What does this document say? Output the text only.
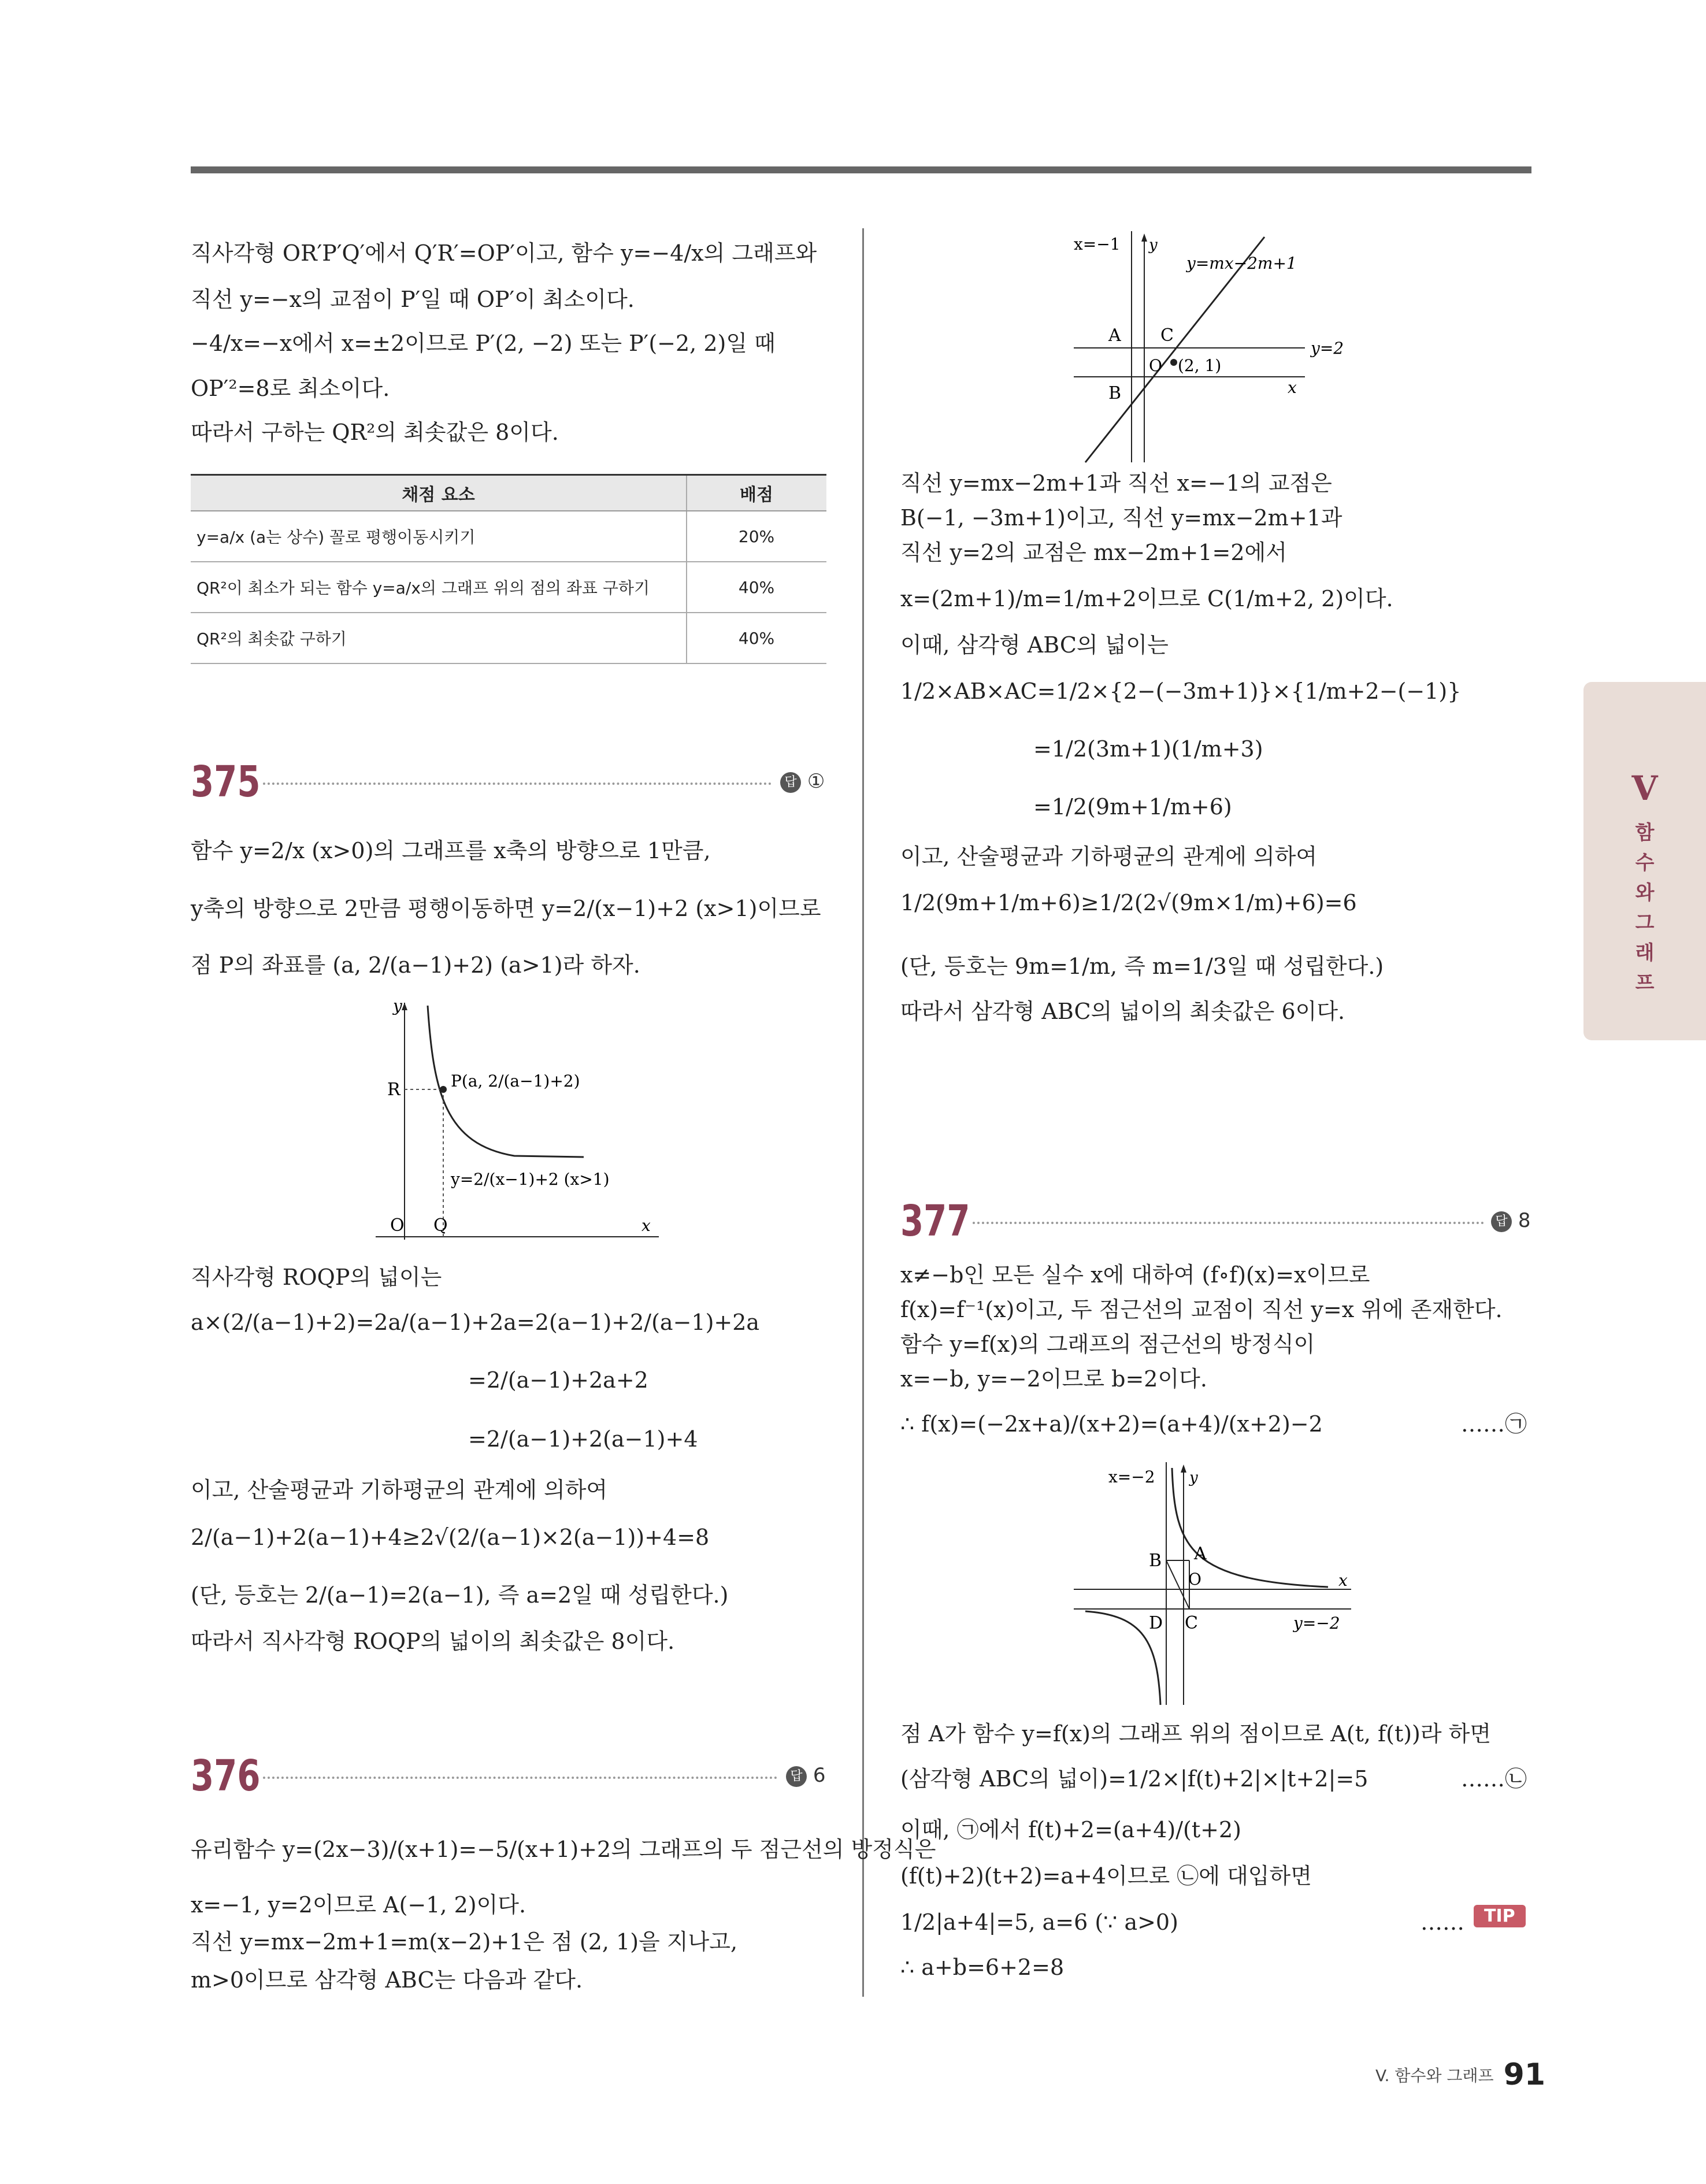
직사각형 OR′P′Q′에서 Q′R′=OP′이고, 함수 y=−4/x의 그래프와

직선 y=−x의 교점이 P′일 때 OP′이 최소이다.

−4/x=−x에서 x=±2이므로 P′(2, −2) 또는 P′(−2, 2)일 때

OP′²=8로 최소이다.

따라서 구하는 QR²의 최솟값은 8이다.

채점 요소	배점
y=a/x (a는 상수) 꼴로 평행이동시키기	20%
QR²이 최소가 되는 함수 y=a/x의 그래프 위의 점의 좌표 구하기	40%
QR²의 최솟값 구하기	40%
375	답 ①

함수 y=2/x (x>0)의 그래프를 x축의 방향으로 1만큼,

y축의 방향으로 2만큼 평행이동하면 y=2/(x−1)+2 (x>1)이므로

점 P의 좌표를 (a, 2/(a−1)+2) (a>1)라 하자.

y
x
R
O Q
P(a, 2/(a−1)+2)
y=2/(x−1)+2 (x>1)

직사각형 ROQP의 넓이는

a×(2/(a−1)+2)=2a/(a−1)+2a=2(a−1)+2/(a−1)+2a

=2/(a−1)+2a+2

=2/(a−1)+2(a−1)+4

이고, 산술평균과 기하평균의 관계에 의하여

2/(a−1)+2(a−1)+4≥2√(2/(a−1)×2(a−1))+4=8

(단, 등호는 2/(a−1)=2(a−1), 즉 a=2일 때 성립한다.)

따라서 직사각형 ROQP의 넓이의 최솟값은 8이다.

376	답 6

유리함수 y=(2x−3)/(x+1)=−5/(x+1)+2의 그래프의 두 점근선의 방정식은

x=−1, y=2이므로 A(−1, 2)이다.

직선 y=mx−2m+1=m(x−2)+1은 점 (2, 1)을 지나고,

m>0이므로 삼각형 ABC는 다음과 같다.

x=−1 y
y=mx−2m+1
A C
y=2
O (2, 1)
B	x

직선 y=mx−2m+1과 직선 x=−1의 교점은

B(−1, −3m+1)이고, 직선 y=mx−2m+1과

직선 y=2의 교점은 mx−2m+1=2에서

x=(2m+1)/m=1/m+2이므로 C(1/m+2, 2)이다.

이때, 삼각형 ABC의 넓이는

1/2×AB×AC=1/2×{2−(−3m+1)}×{1/m+2−(−1)}

=1/2(3m+1)(1/m+3)

=1/2(9m+1/m+6)

이고, 산술평균과 기하평균의 관계에 의하여

1/2(9m+1/m+6)≥1/2(2√(9m×1/m)+6)=6

(단, 등호는 9m=1/m, 즉 m=1/3일 때 성립한다.)

따라서 삼각형 ABC의 넓이의 최솟값은 6이다.

377	답 8

x≠−b인 모든 실수 x에 대하여 (f∘f)(x)=x이므로

f(x)=f⁻¹(x)이고, 두 점근선의 교점이 직선 y=x 위에 존재한다.

함수 y=f(x)의 그래프의 점근선의 방정식이

x=−b, y=−2이므로 b=2이다.

∴ f(x)=(−2x+a)/(x+2)=(a+4)/(x+2)−2	……㉠

x=−2 y
B A
O	x
D C	y=−2

점 A가 함수 y=f(x)의 그래프 위의 점이므로 A(t, f(t))라 하면

(삼각형 ABC의 넓이)=1/2×|f(t)+2|×|t+2|=5	……㉡

이때, ㉠에서 f(t)+2=(a+4)/(t+2)

(f(t)+2)(t+2)=a+4이므로 ㉡에 대입하면

1/2|a+4|=5, a=6 (∵ a>0)	……	TIP

∴ a+b=6+2=8

V
함
수
와
그
래
프
V. 함수와 그래프 91
